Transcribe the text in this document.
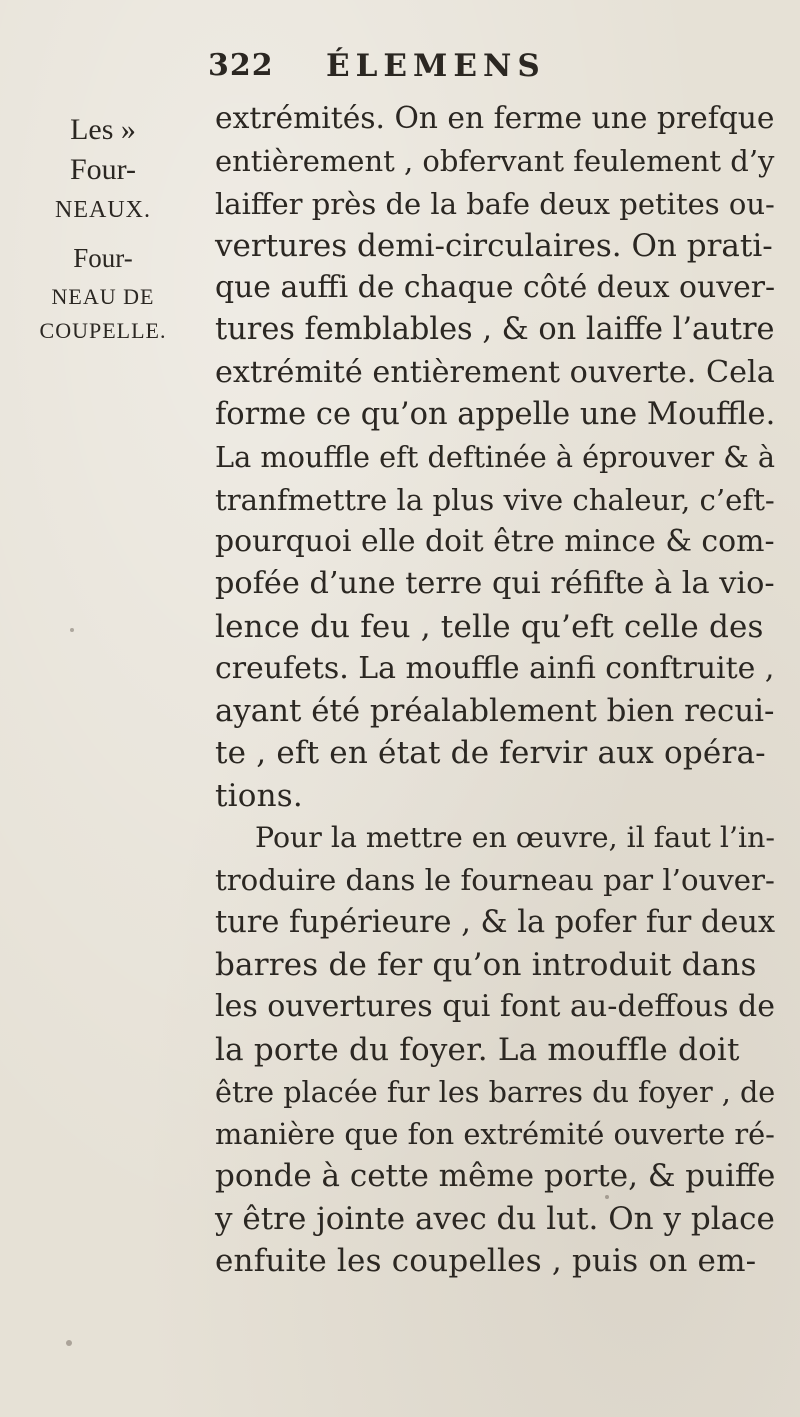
322 ÉLEMENS
Les »
Four-
NEAUX.
Four-
NEAU DE
COUPELLE.
extrémités. On en ferme une prefque
entièrement , obfervant feulement d’y
laiffer près de la bafe deux petites ou-
vertures demi-circulaires. On prati-
que auffi de chaque côté deux ouver-
tures femblables , & on laiffe l’autre
extrémité entièrement ouverte. Cela
forme ce qu’on appelle une Mouffle.
La mouffle eft deftinée à éprouver & à
tranfmettre la plus vive chaleur, c’eft-
pourquoi elle doit être mince & com-
pofée d’une terre qui réfifte à la vio-
lence du feu , telle qu’eft celle des
creufets. La mouffle ainfi conftruite ,
ayant été préalablement bien recui-
te , eft en état de fervir aux opéra-
tions.
Pour la mettre en œuvre, il faut l’in-
troduire dans le fourneau par l’ouver-
ture fupérieure , & la pofer fur deux
barres de fer qu’on introduit dans
les ouvertures qui font au-deffous de
la porte du foyer. La mouffle doit
être placée fur les barres du foyer , de
manière que fon extrémité ouverte ré-
ponde à cette même porte, & puiffe
y être jointe avec du lut. On y place
enfuite les coupelles , puis on em-
